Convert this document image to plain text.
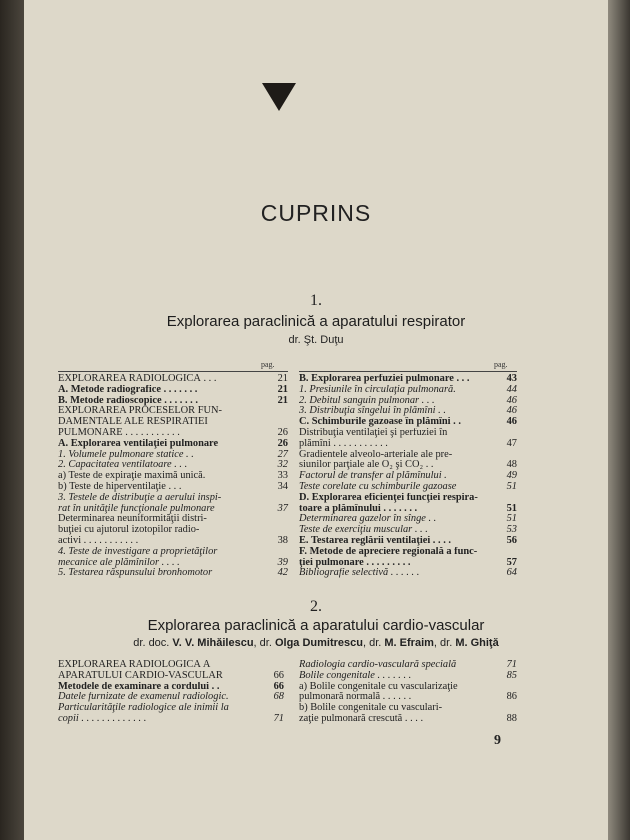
CUPRINS
1.
Explorarea paraclinică a aparatului respirator
dr. Şt. Duţu
pag.	pag.
EXPLORAREA RADIOLOGICĂ . . .	21
A. Metode radiografice . . . . . . .	21
B. Metode radioscopice . . . . . . .	21
EXPLORAREA PROCESELOR FUN-
DAMENTALE ALE RESPIRATIEI
PULMONARE . . . . . . . . . . .	26
A. Explorarea ventilaţiei pulmonare	26
1. Volumele pulmonare statice . .	27
2. Capacitatea ventilatoare . . .	32
a) Teste de expiraţie maximă unică.	33
b) Teste de hiperventilaţie . . .	34
3. Testele de distribuţie a aerului inspi-
rat în unităţile funcţionale pulmonare	37
Determinarea neuniformităţii distri-
buţiei cu ajutorul izotopilor radio-
activi . . . . . . . . . . .	38
4. Teste de investigare a proprietăţilor
mecanice ale plămînilor . . . .	39
5. Testarea răspunsului bronhomotor	42
B. Explorarea perfuziei pulmonare . . .	43
1. Presiunile în circulaţia pulmonară.	44
2. Debitul sanguin pulmonar . . .	46
3. Distribuţia sîngelui în plămîni . .	46
C. Schimburile gazoase în plămîni . .	46
Distribuţia ventilaţiei şi perfuziei în
plămîni . . . . . . . . . . .	47
Gradientele alveolo-arteriale ale pre-
siunilor parţiale ale O₂ şi CO₂ . .	48
Factorul de transfer al plămînului .	49
Teste corelate cu schimburile gazoase	51
D. Explorarea eficienţei funcţiei respira-
toare a plămînului . . . . . . .	51
Determinarea gazelor în sînge . .	51
Teste de exerciţiu muscular . . .	53
E. Testarea reglării ventilaţiei . . . .	56
F. Metode de apreciere regională a func-
ţiei pulmonare . . . . . . . . .	57
Bibliografie selectivă . . . . . .	64
2.
Explorarea paraclinică a aparatului cardio-vascular
dr. doc. V. V. Mihăilescu, dr. Olga Dumitrescu, dr. M. Efraim, dr. M. Ghiţă
EXPLORAREA RADIOLOGICĂ A
APARATULUI CARDIO-VASCULAR	66
Metodele de examinare a cordului . .	66
Datele furnizate de examenul radiologic.	68
Particularităţile radiologice ale inimii la
copii . . . . . . . . . . . . .	71
Radiologia cardio-vasculară specială	71
Bolile congenitale . . . . . . .	85
a) Bolile congenitale cu vascularizaţie
pulmonară normală . . . . . .	86
b) Bolile congenitale cu vasculari-
zaţie pulmonară crescută . . . .	88
9
